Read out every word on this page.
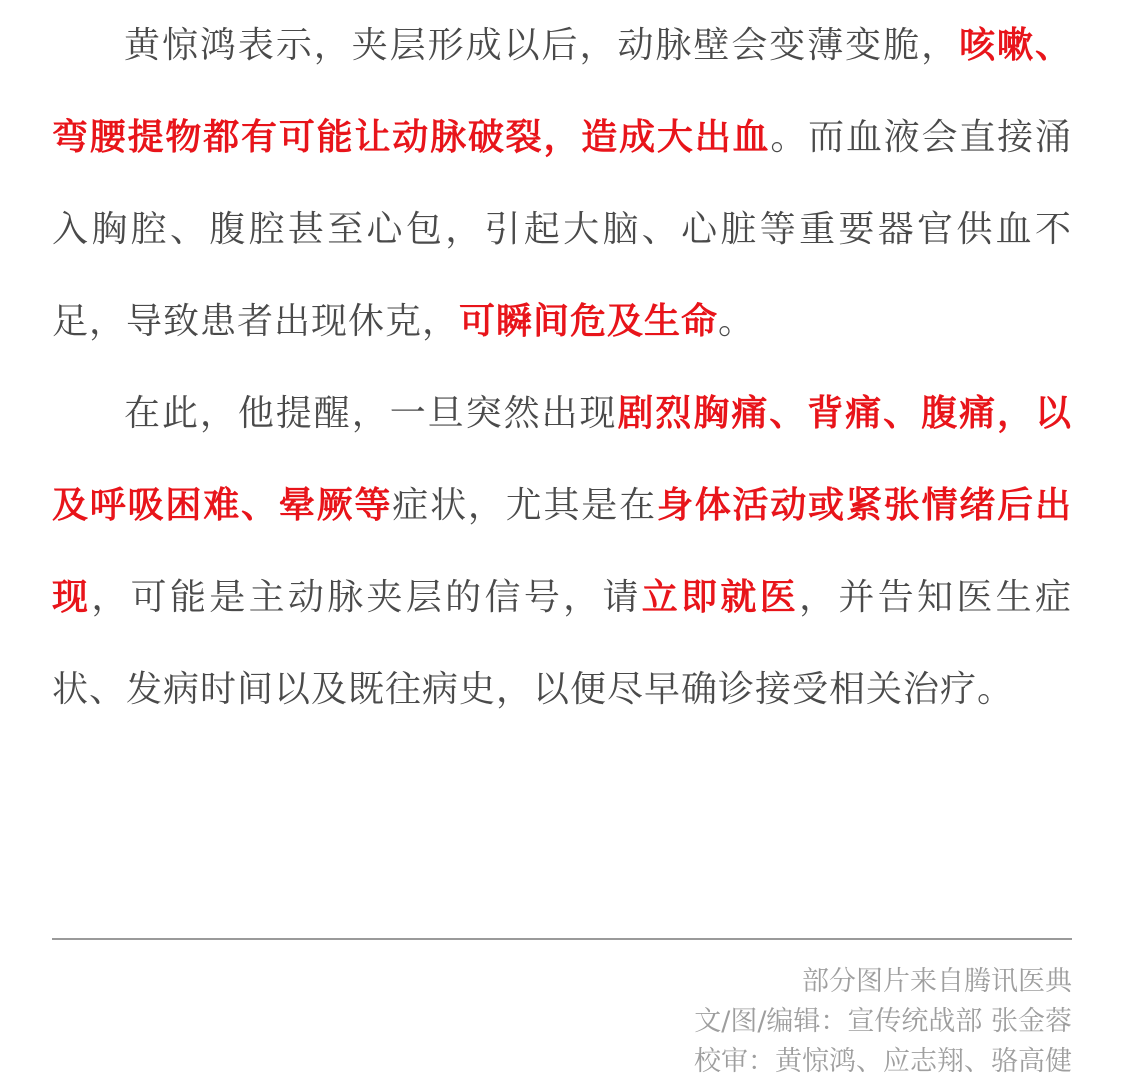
黄惊鸿表示，夹层形成以后，动脉壁会变薄变脆，咳嗽、弯腰提物都有可能让动脉破裂，造成大出血。而血液会直接涌入胸腔、腹腔甚至心包，引起大脑、心脏等重要器官供血不足，导致患者出现休克，可瞬间危及生命。

在此，他提醒，一旦突然出现剧烈胸痛、背痛、腹痛，以及呼吸困难、晕厥等症状，尤其是在身体活动或紧张情绪后出现，可能是主动脉夹层的信号，请立即就医，并告知医生症状、发病时间以及既往病史，以便尽早确诊接受相关治疗。

部分图片来自腾讯医典
文/图/编辑：宣传统战部 张金蓉
校审：黄惊鸿、应志翔、骆高健
